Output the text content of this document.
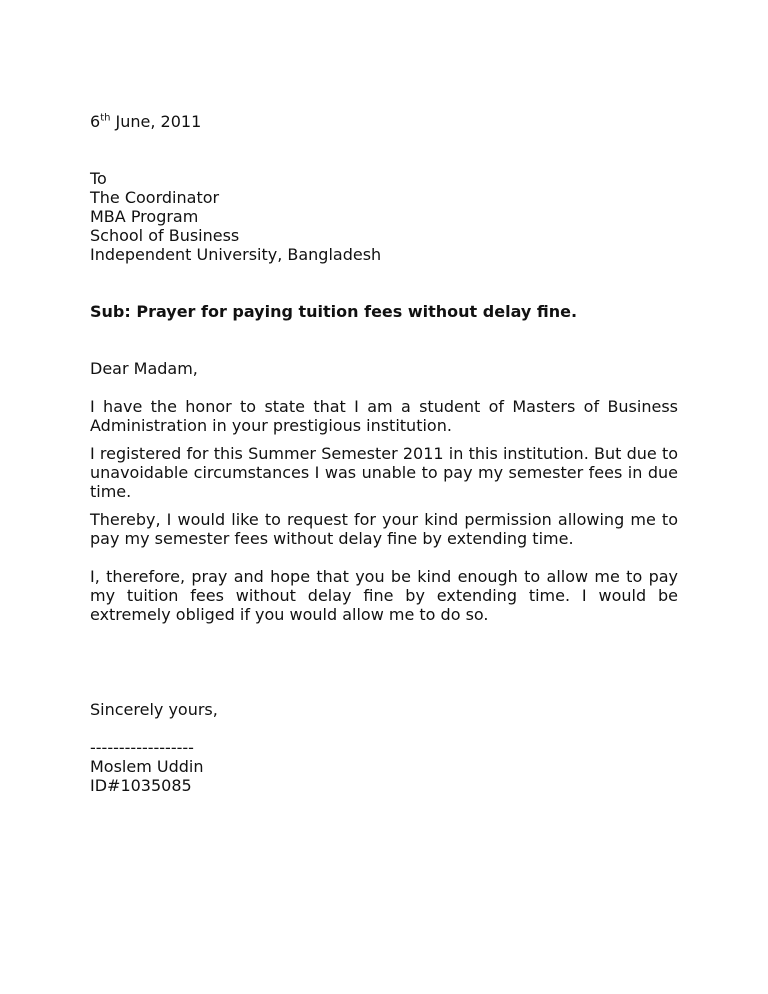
6th June, 2011
To
The Coordinator
MBA Program
School of Business
Independent University, Bangladesh
Sub: Prayer for paying tuition fees without delay fine.
Dear Madam,

I have the honor to state that I am a student of Masters of Business Administration in your prestigious institution.

I registered for this Summer Semester 2011 in this institution. But due to unavoidable circumstances I was unable to pay my semester fees in due time.

Thereby, I would like to request for your kind permission allowing me to pay my semester fees without delay fine by extending time.

I, therefore, pray and hope that you be kind enough to allow me to pay my tuition fees without delay fine by extending time. I would be extremely obliged if you would allow me to do so.

Sincerely yours,
------------------
Moslem Uddin
ID#1035085
